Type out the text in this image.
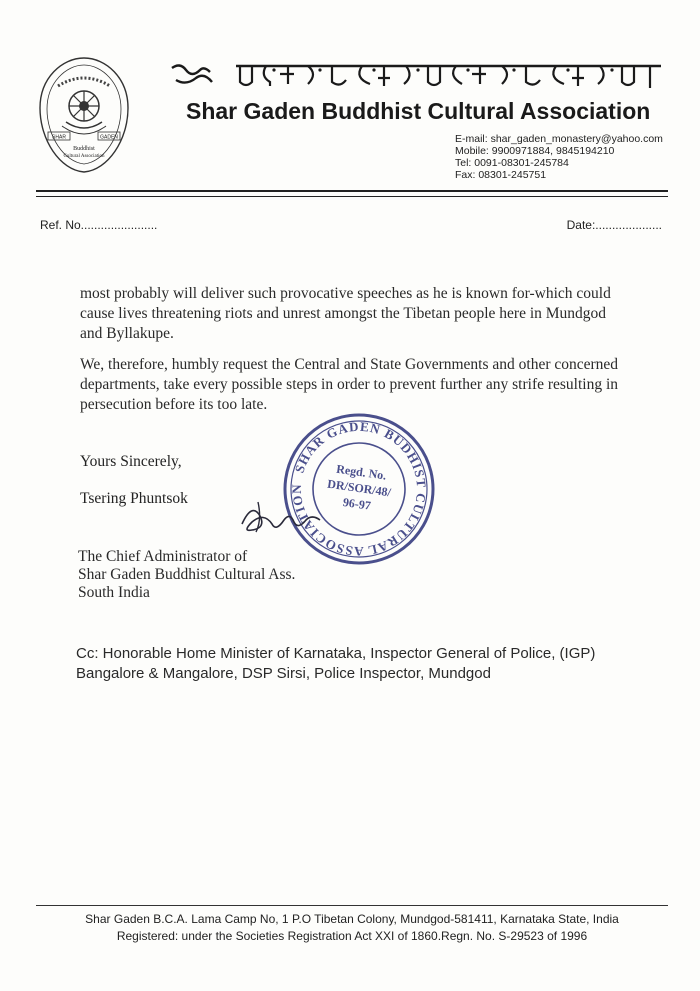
SHAR	GADEN
Buddhist
Cultural Association
Shar Gaden Buddhist Cultural Association
E-mail: shar_gaden_monastery@yahoo.com
Mobile: 9900971884, 9845194210
Tel: 0091-08301-245784
Fax: 08301-245751
Ref. No.......................	Date:....................
most probably will deliver such provocative speeches as he is known for-which could cause lives threatening riots and unrest amongst the Tibetan people here in Mundgod and Byllakupe.
We, therefore, humbly request the Central and State Governments and other concerned departments, take every possible steps in order to prevent further any strife resulting in persecution before its too late.
Yours Sincerely,
Tsering Phuntsok
SHAR GADEN BUDHIST CULTURAL ASSOCIATION
Regd. No.
DR/SOR/48/
96-97
The Chief Administrator of
Shar Gaden Buddhist Cultural Ass.
South India
Cc: Honorable Home Minister of Karnataka, Inspector General of Police, (IGP) Bangalore & Mangalore, DSP Sirsi, Police Inspector, Mundgod
Shar Gaden B.C.A. Lama Camp No, 1 P.O Tibetan Colony, Mundgod-581411, Karnataka State, India
Registered: under the Societies Registration Act XXI of 1860.Regn. No. S-29523 of 1996
